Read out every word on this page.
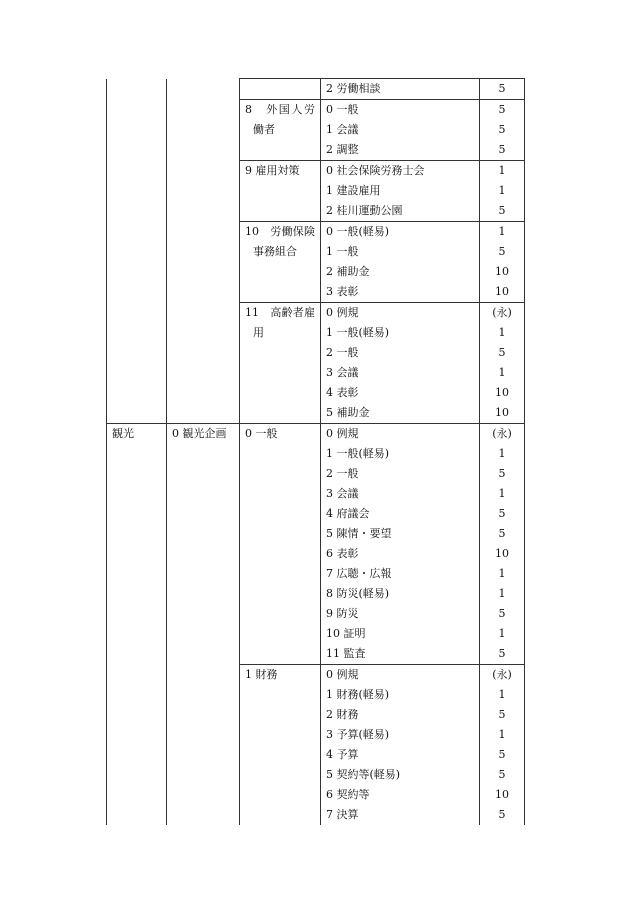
			2 労働相談	5

		8　外国人労	0 一般	5

		働者	1 会議	5

			2 調整	5

		9 雇用対策	0 社会保険労務士会	1

			1 建設雇用	1

			2 桂川運動公園	5

		10　労働保険	0 一般(軽易)	1

		事務組合	1 一般	5

			2 補助金	10

			3 表彰	10

		11　高齢者雇	0 例規	(永)

		用	1 一般(軽易)	1

			2 一般	5

			3 会議	1

			4 表彰	10

			5 補助金	10

観光	0 観光企画	0 一般	0 例規	(永)

			1 一般(軽易)	1

			2 一般	5

			3 会議	1

			4 府議会	5

			5 陳情・要望	5

			6 表彰	10

			7 広聴・広報	1

			8 防災(軽易)	1

			9 防災	5

			10 証明	1

			11 監査	5

		1 財務	0 例規	(永)

			1 財務(軽易)	1

			2 財務	5

			3 予算(軽易)	1

			4 予算	5

			5 契約等(軽易)	5

			6 契約等	10

			7 決算	5
